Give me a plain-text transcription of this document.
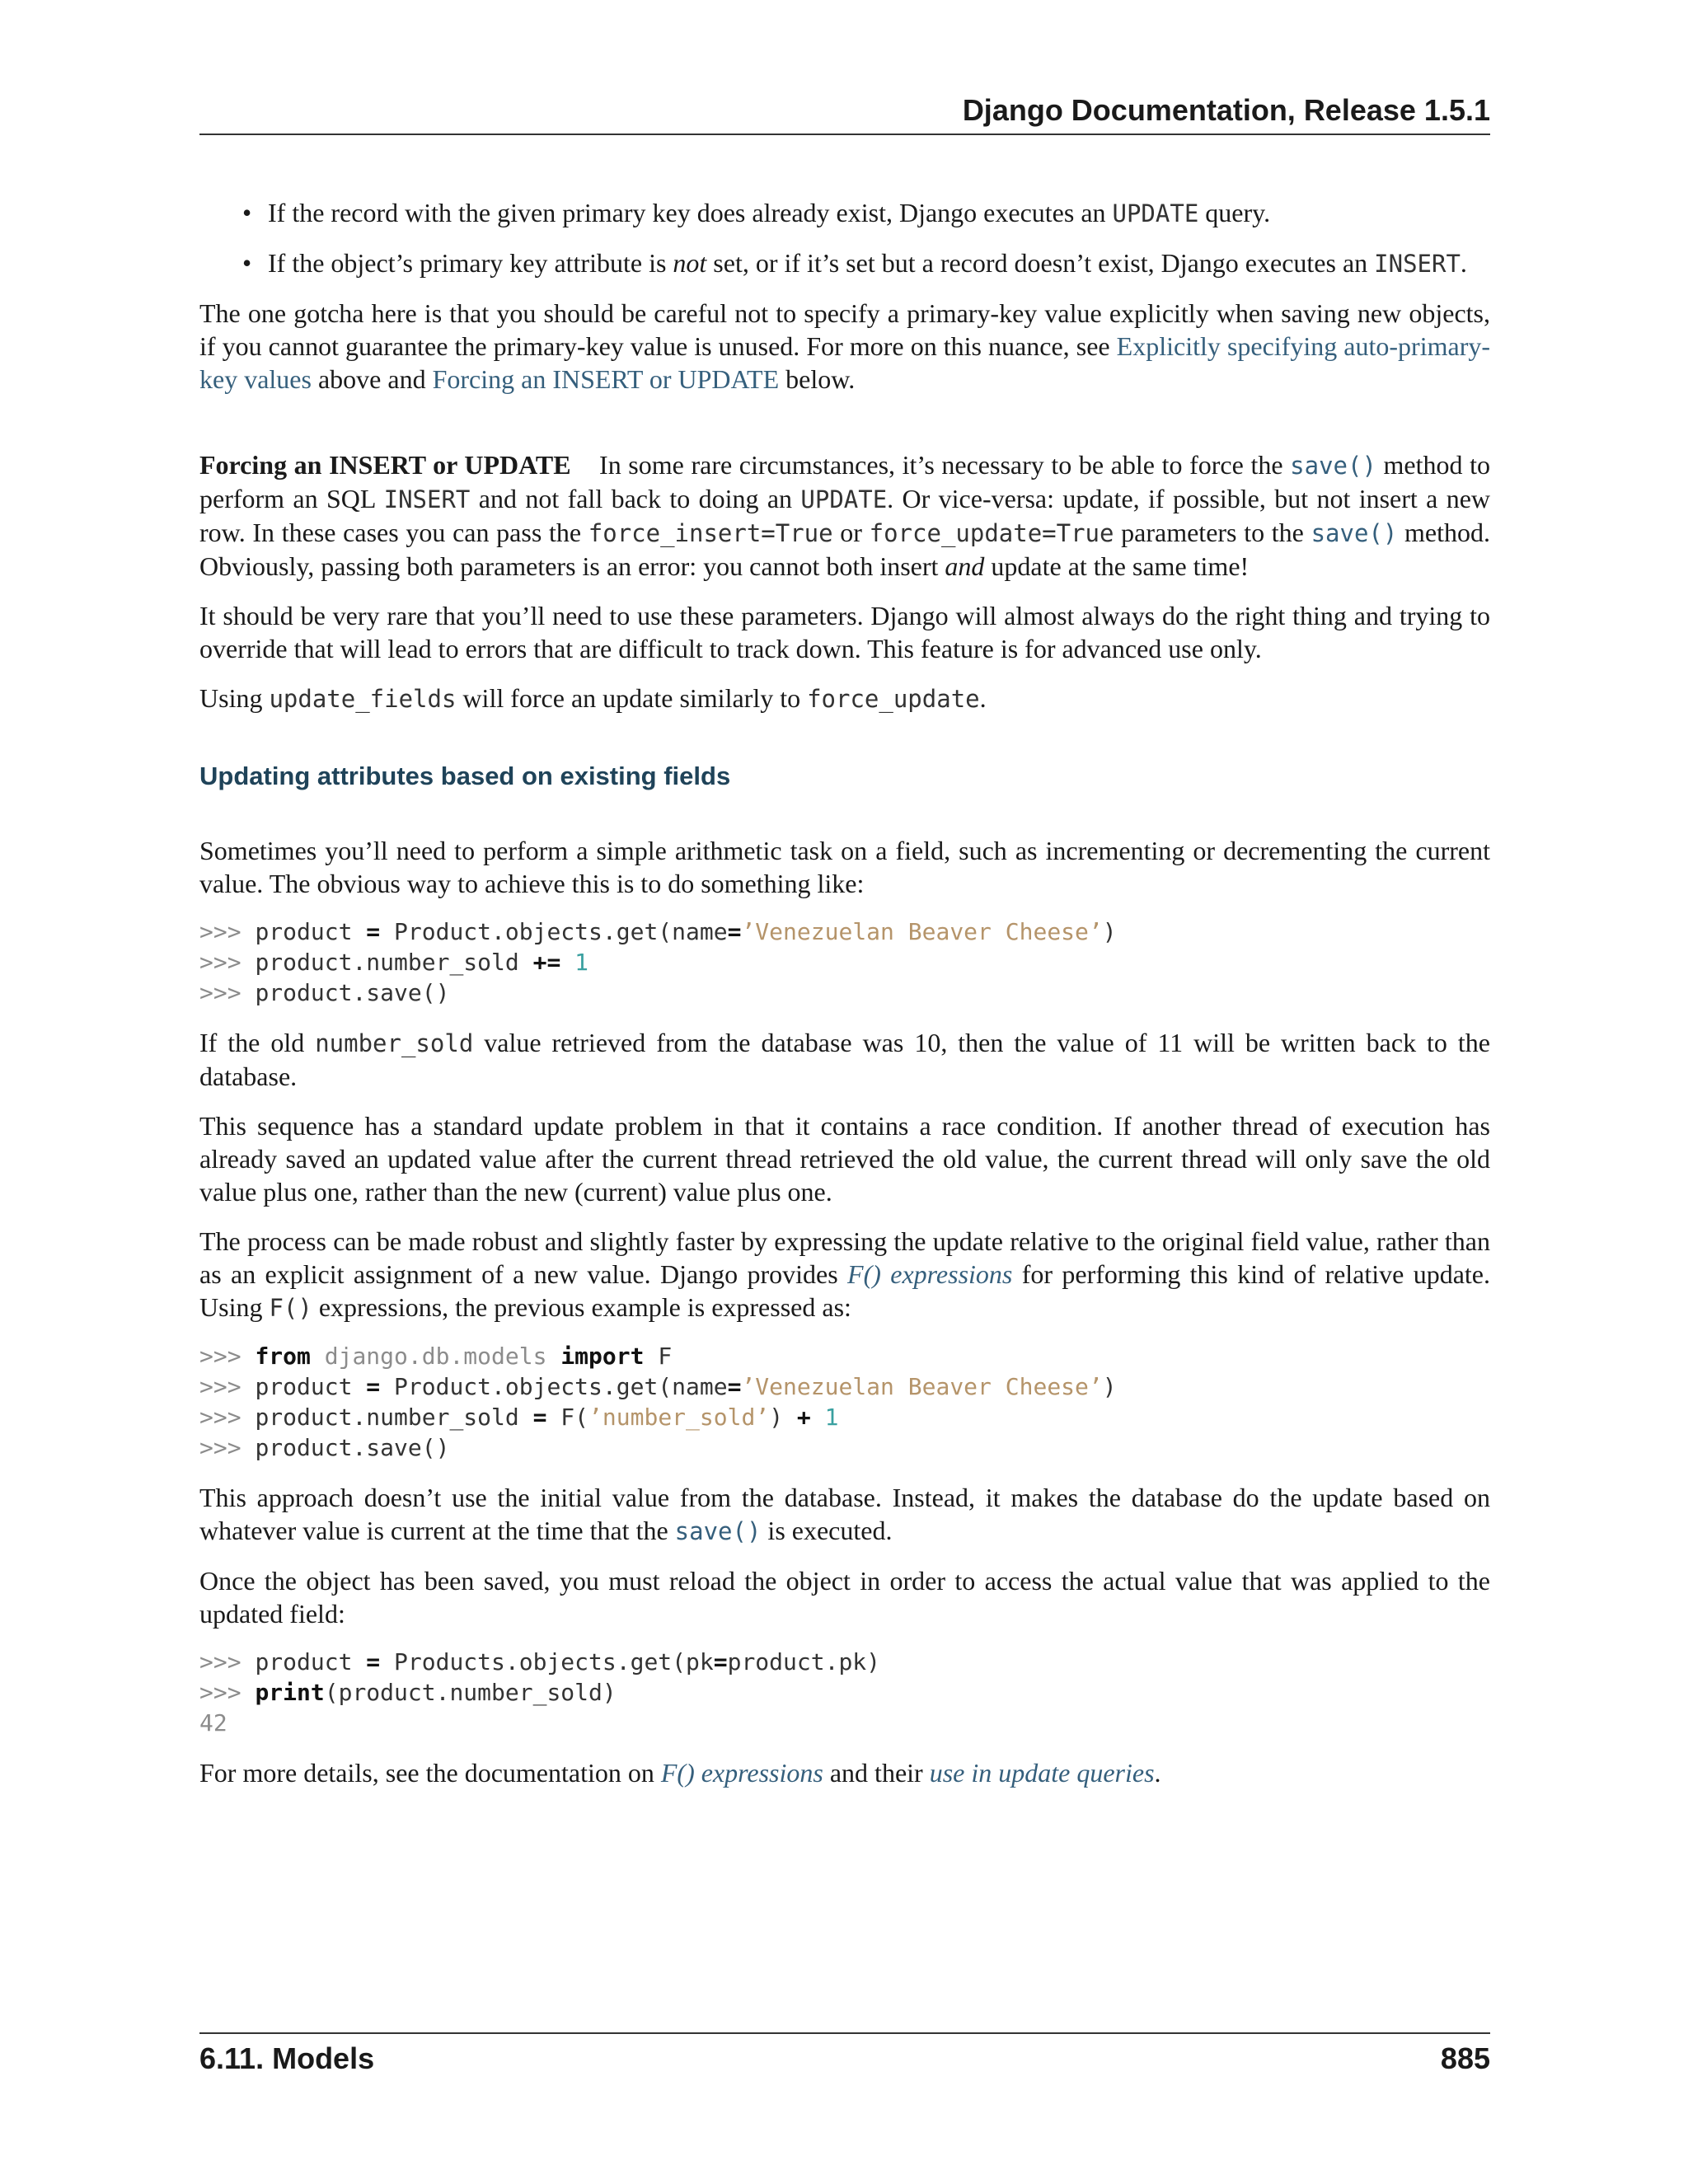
Django Documentation, Release 1.5.1
• If the record with the given primary key does already exist, Django executes an UPDATE query.
• If the object’s primary key attribute is not set, or if it’s set but a record doesn’t exist, Django executes an INSERT.

The one gotcha here is that you should be careful not to specify a primary-key value explicitly when saving new objects, if you cannot guarantee the primary-key value is unused. For more on this nuance, see Explicitly specifying auto-primary-key values above and Forcing an INSERT or UPDATE below.

Forcing an INSERT or UPDATE In some rare circumstances, it’s necessary to be able to force the save() method to perform an SQL INSERT and not fall back to doing an UPDATE. Or vice-versa: update, if possible, but not insert a new row. In these cases you can pass the force_insert=True or force_update=True parameters to the save() method. Obviously, passing both parameters is an error: you cannot both insert and update at the same time!

It should be very rare that you’ll need to use these parameters. Django will almost always do the right thing and trying to override that will lead to errors that are difficult to track down. This feature is for advanced use only.

Using update_fields will force an update similarly to force_update.

Updating attributes based on existing fields

Sometimes you’ll need to perform a simple arithmetic task on a field, such as incrementing or decrementing the current value. The obvious way to achieve this is to do something like:

>>> product = Product.objects.get(name=’Venezuelan Beaver Cheese’)
>>> product.number_sold += 1
>>> product.save()

If the old number_sold value retrieved from the database was 10, then the value of 11 will be written back to the database.

This sequence has a standard update problem in that it contains a race condition. If another thread of execution has already saved an updated value after the current thread retrieved the old value, the current thread will only save the old value plus one, rather than the new (current) value plus one.

The process can be made robust and slightly faster by expressing the update relative to the original field value, rather than as an explicit assignment of a new value. Django provides F() expressions for performing this kind of relative update. Using F() expressions, the previous example is expressed as:

>>> from django.db.models import F
>>> product = Product.objects.get(name=’Venezuelan Beaver Cheese’)
>>> product.number_sold = F(’number_sold’) + 1
>>> product.save()

This approach doesn’t use the initial value from the database. Instead, it makes the database do the update based on whatever value is current at the time that the save() is executed.

Once the object has been saved, you must reload the object in order to access the actual value that was applied to the updated field:

>>> product = Products.objects.get(pk=product.pk)
>>> print(product.number_sold)
42

For more details, see the documentation on F() expressions and their use in update queries.

6.11. Models	885
